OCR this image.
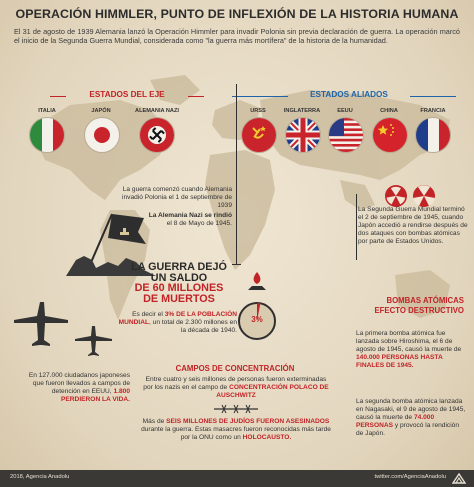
OPERACIÓN HIMMLER, PUNTO DE INFLEXIÓN DE LA HISTORIA HUMANA
El 31 de agosto de 1939 Alemania lanzó la Operación Himmler para invadir Polonia sin previa declaración de guerra. La operación marcó el inicio de la Segunda Guerra Mundial, considerada como "la guerra más mortífera" de la historia de la humanidad.
ESTADOS DEL EJE
ITALIA	JAPÓN	ALEMANIA NAZI
ESTADOS ALIADOS
URSS	INGLATERRA	EEUU	CHINA	FRANCIA
La guerra comenzó cuando Alemania invadió Polonia el 1 de septiembre de 1939
La Alemania Nazi se rindió
el 8 de Mayo de 1945.
LA GUERRA DEJÓ
UN SALDO
DE 60 MILLONES
DE MUERTOS
Es decir el 3% DE LA POBLACIÓN MUNDIAL, un total de 2.300 millones en la década de 1940.
3%
La Segunda Guerra Mundial terminó el 2 de septiembre de 1945, cuando Japón accedió a rendirse después de dos ataques con bombas atómicas por parte de Estados Unidos.
BOMBAS ATÓMICAS
EFECTO DESTRUCTIVO
La primera bomba atómica fue lanzada sobre Hiroshima, el 6 de agosto de 1945, causó la muerte de 140.000 PERSONAS HASTA FINALES DE 1945.
La segunda bomba atómica lanzada en Nagasaki, el 9 de agosto de 1945, causó la muerte de 74.000 PERSONAS y provocó la rendición de Japón.
CAMPOS DE CONCENTRACIÓN
Entre cuatro y seis millones de personas fueron exterminadas por los nazis en el campo de CONCENTRACIÓN POLACO DE AUSCHWITZ
Más de SEIS MILLONES DE JUDÍOS FUERON ASESINADOS durante la guerra. Estas masacres fueron reconocidas más tarde por la ONU como un HOLOCAUSTO.
En 127.000 ciudadanos japoneses que fueron llevados a campos de detención en EEUU, 1.800 PERDIERON LA VIDA.
2018, Agencia Anadolu	twitter.com/AgenciaAnadolu
